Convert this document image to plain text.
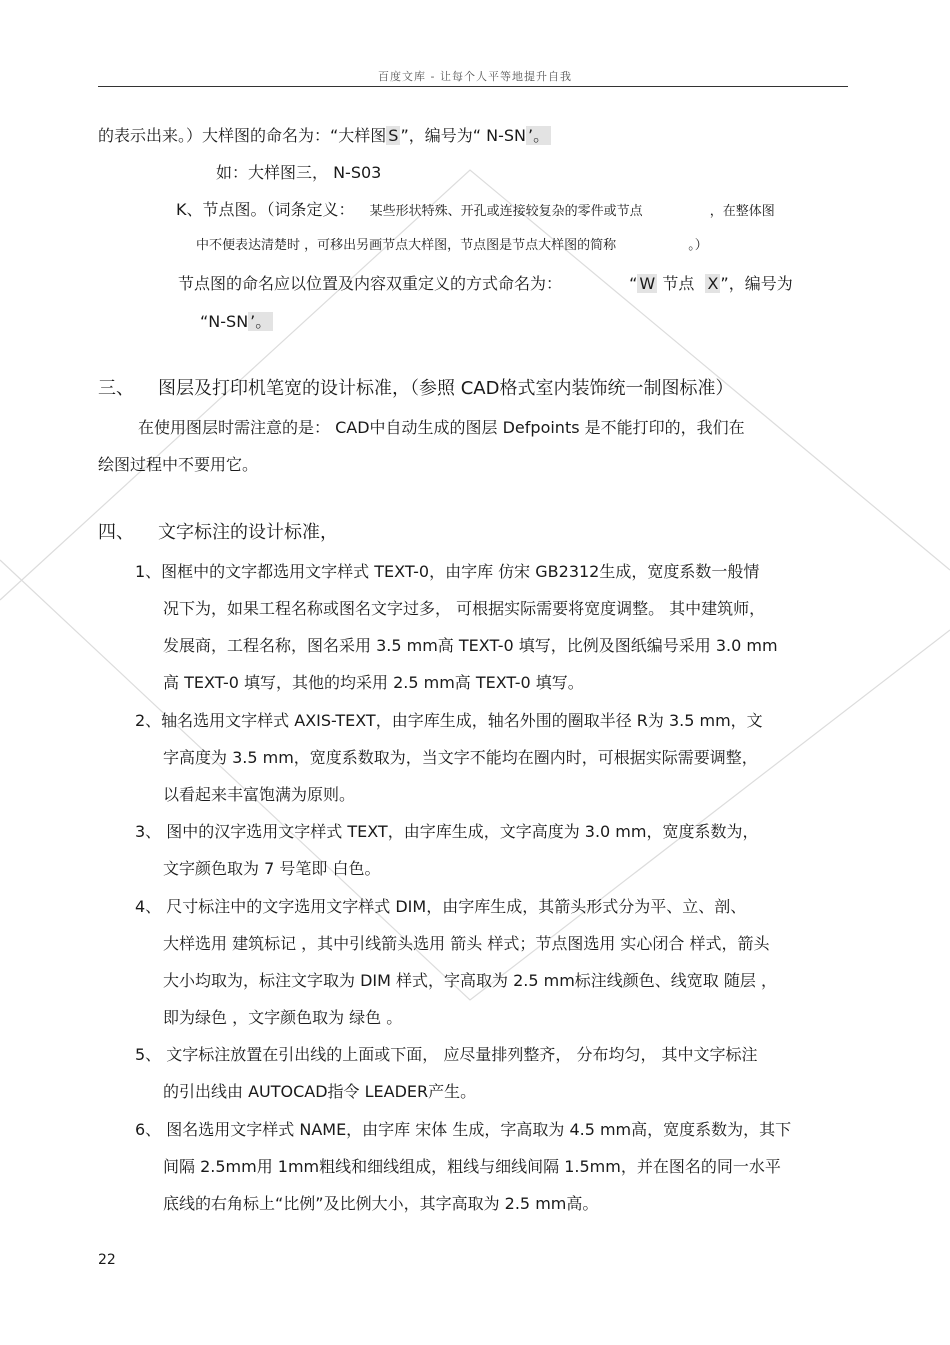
百度文库 - 让每个人平等地提升自我
的表示出来。）大样图的命名为：“大样图 S ”，编号为“ N-SN ’。
如：大样图三， N-S03
K、节点图。（词条定义： 某些形状特殊、开孔或连接较复杂的零件或节点	，在整体图
中不便表达清楚时 ，可移出另画节点大样图，节点图是节点大样图的简称	。）
节点图的命名应以位置及内容双重定义的方式命名为：	“ W 节点 X ”，编号为
“N-SN ’。
三、 图层及打印机笔宽的设计标准，（参照 CAD格式室内装饰统一制图标准）
在使用图层时需注意的是： CAD中自动生成的图层 Defpoints 是不能打印的，我们在
绘图过程中不要用它。
四、 文字标注的设计标准，
1、图框中的文字都选用文字样式 TEXT-0，由字库 仿宋 GB2312生成，宽度系数一般情
况下为，如果工程名称或图名文字过多， 可根据实际需要将宽度调整。 其中建筑师，
发展商，工程名称，图名采用 3.5 mm高 TEXT-0 填写，比例及图纸编号采用 3.0 mm
高 TEXT-0 填写，其他的均采用 2.5 mm高 TEXT-0 填写。
2、轴名选用文字样式 AXIS-TEXT，由字库生成，轴名外围的圈取半径 R为 3.5 mm，文
字高度为 3.5 mm，宽度系数取为，当文字不能均在圈内时，可根据实际需要调整，
以看起来丰富饱满为原则。
3、 图中的汉字选用文字样式 TEXT，由字库生成，文字高度为 3.0 mm，宽度系数为，
文字颜色取为 7 号笔即 白色。
4、 尺寸标注中的文字选用文字样式 DIM，由字库生成，其箭头形式分为平、立、剖、
大样选用 建筑标记 ，其中引线箭头选用 箭头 样式；节点图选用 实心闭合 样式，箭头
大小均取为，标注文字取为 DIM 样式，字高取为 2.5 mm标注线颜色、线宽取 随层 ，
即为绿色 ，文字颜色取为 绿色 。
5、 文字标注放置在引出线的上面或下面， 应尽量排列整齐， 分布均匀， 其中文字标注
的引出线由 AUTOCAD指令 LEADER产生。
6、 图名选用文字样式 NAME，由字库 宋体 生成，字高取为 4.5 mm高，宽度系数为，其下
间隔 2.5mm用 1mm粗线和细线组成，粗线与细线间隔 1.5mm，并在图名的同一水平
底线的右角标上“比例”及比例大小，其字高取为 2.5 mm高。
22
